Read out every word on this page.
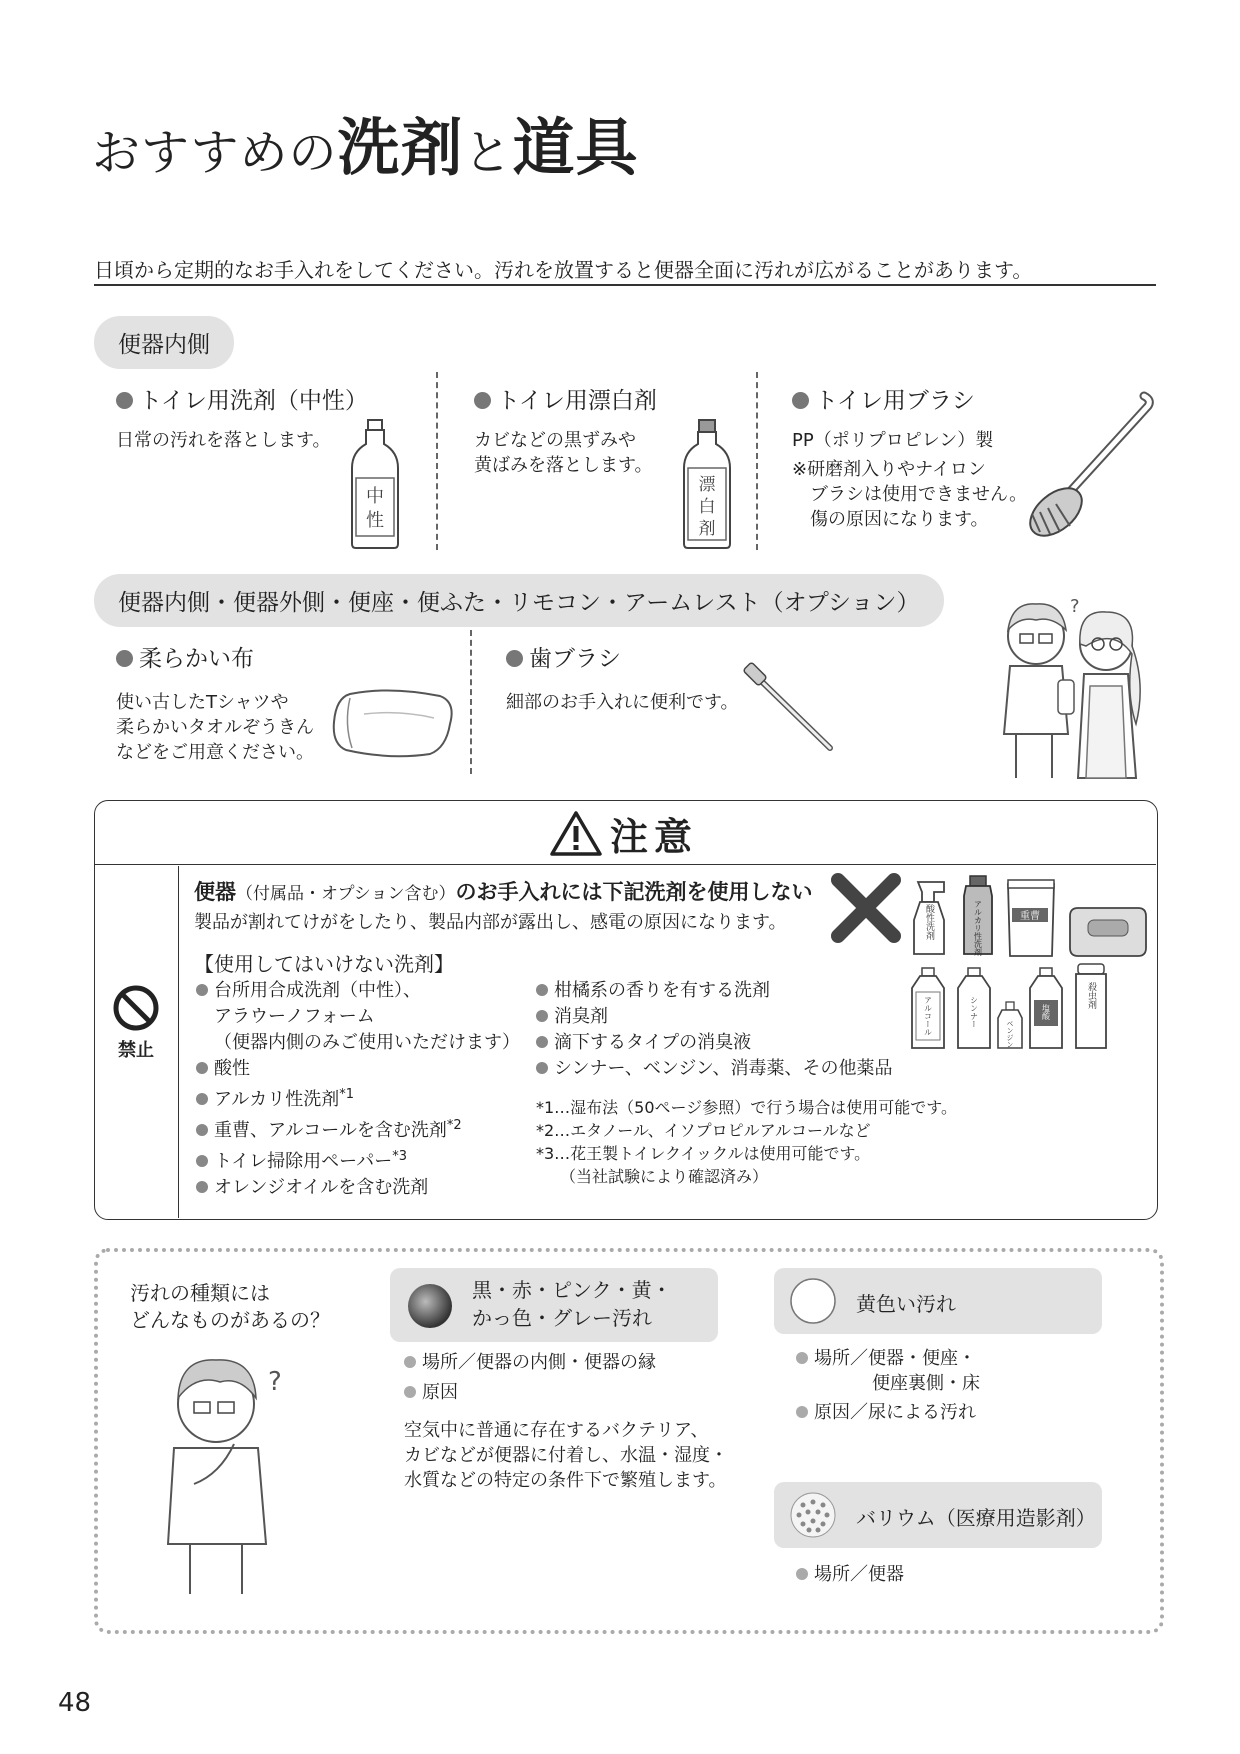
おすすめの洗剤と道具
日頃から定期的なお手入れをしてください。汚れを放置すると便器全面に汚れが広がることがあります。
便器内側
トイレ用洗剤（中性）
日常の汚れを落とします。
中
性
トイレ用漂白剤
カビなどの黒ずみや
黄ばみを落とします。
漂
白
剤
トイレ用ブラシ
PP（ポリプロピレン）製
※研磨剤入りやナイロン
　ブラシは使用できません。
　傷の原因になります。
便器内側・便器外側・便座・便ふた・リモコン・アームレスト（オプション）
柔らかい布
使い古したTシャツや
柔らかいタオルぞうきん
などをご用意ください。
歯ブラシ
細部のお手入れに便利です。
?
注意
禁止
便器（付属品・オプション含む）のお手入れには下記洗剤を使用しない
製品が割れてけがをしたり、製品内部が露出し、感電の原因になります。
【使用してはいけない洗剤】
台所用合成洗剤（中性）、
アラウーノフォーム
（便器内側のみご使用いただけます）
酸性
アルカリ性洗剤$^{*1}$
重曹、アルコールを含む洗剤$^{*2}$
トイレ掃除用ペーパー$^{*3}$
オレンジオイルを含む洗剤
柑橘系の香りを有する洗剤
消臭剤
滴下するタイプの消臭液
シンナー、ベンジン、消毒薬、その他薬品
*1…湿布法（50ページ参照）で行う場合は使用可能です。
*2…エタノール、イソプロピルアルコールなど
*3…花王製トイレクイックルは使用可能です。
　　（当社試験により確認済み）
酸性洗剤	アルカリ性洗剤	重曹
アルコール	シンナー
ベンジン
塩酸
殺虫剤
汚れの種類には
どんなものがあるの？
?
黒・赤・ピンク・黄・
かっ色・グレー汚れ
場所／便器の内側・便器の縁
原因
空気中に普通に存在するバクテリア、
カビなどが便器に付着し、水温・湿度・
水質などの特定の条件下で繁殖します。
黄色い汚れ
場所／便器・便座・
便座裏側・床
原因／尿による汚れ
バリウム（医療用造影剤）
場所／便器
48
